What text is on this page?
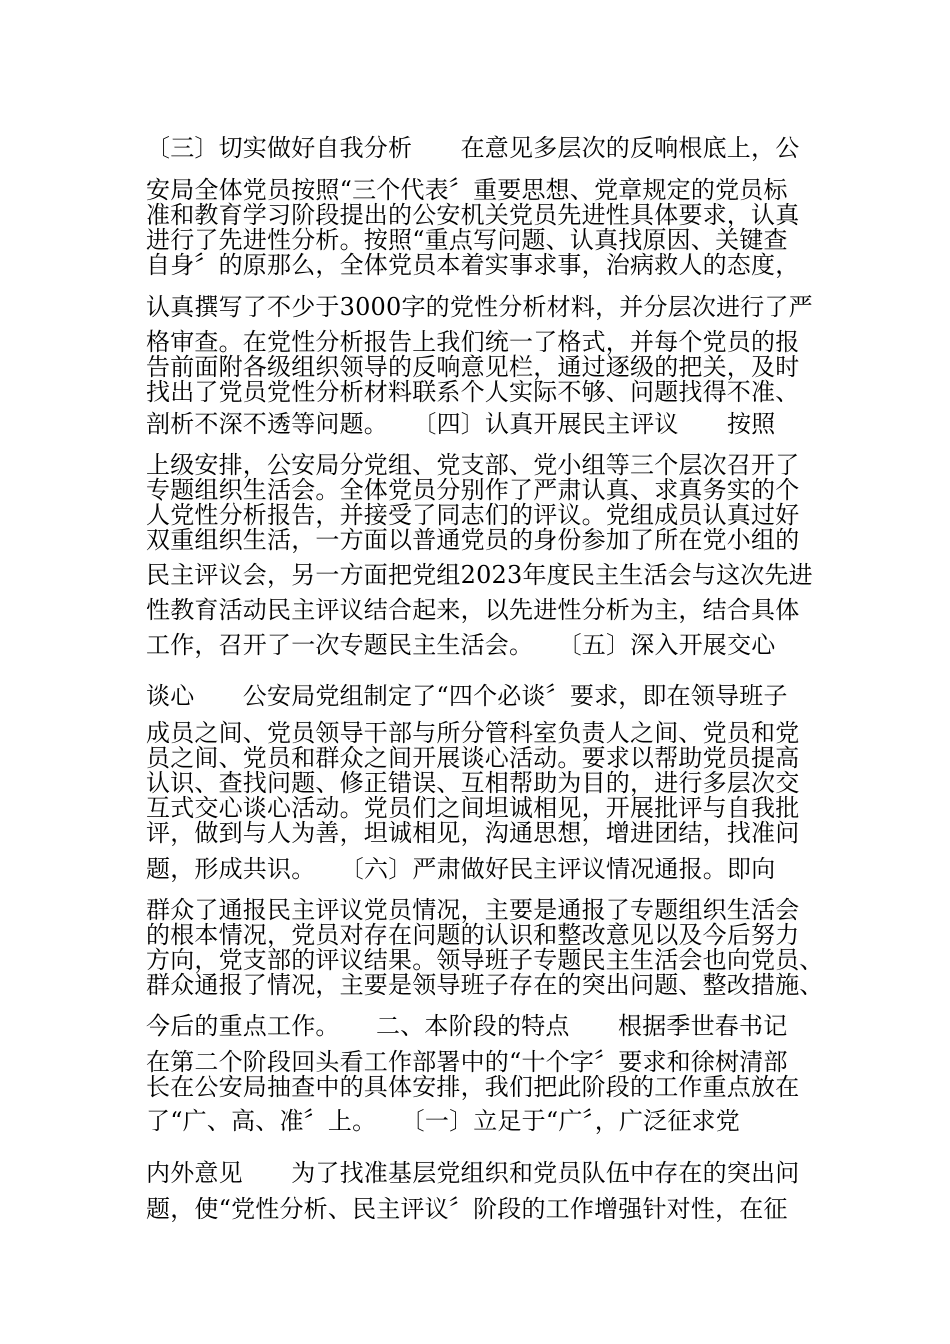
〔三〕切实做好自我分析　　在意见多层次的反响根底上，公
安局全体党员按照“三个代表〞重要思想、党章规定的党员标
准和教育学习阶段提出的公安机关党员先进性具体要求，认真
进行了先进性分析。按照“重点写问题、认真找原因、关键查
自身〞的原那么，全体党员本着实事求事，治病救人的态度，
认真撰写了不少于3000字的党性分析材料，并分层次进行了严
格审查。在党性分析报告上我们统一了格式，并每个党员的报
告前面附各级组织领导的反响意见栏，通过逐级的把关，及时
找出了党员党性分析材料联系个人实际不够、问题找得不准、
剖析不深不透等问题。　　〔四〕认真开展民主评议　　按照
上级安排，公安局分党组、党支部、党小组等三个层次召开了
专题组织生活会。全体党员分别作了严肃认真、求真务实的个
人党性分析报告，并接受了同志们的评议。党组成员认真过好
双重组织生活，一方面以普通党员的身份参加了所在党小组的
民主评议会，另一方面把党组2023年度民主生活会与这次先进
性教育活动民主评议结合起来，以先进性分析为主，结合具体
工作，召开了一次专题民主生活会。　　〔五〕深入开展交心
谈心　　公安局党组制定了“四个必谈〞要求，即在领导班子
成员之间、党员领导干部与所分管科室负责人之间、党员和党
员之间、党员和群众之间开展谈心活动。要求以帮助党员提高
认识、查找问题、修正错误、互相帮助为目的，进行多层次交
互式交心谈心活动。党员们之间坦诚相见，开展批评与自我批
评，做到与人为善，坦诚相见，沟通思想，增进团结，找准问
题，形成共识。　　〔六〕严肃做好民主评议情况通报。即向
群众了通报民主评议党员情况，主要是通报了专题组织生活会
的根本情况，党员对存在问题的认识和整改意见以及今后努力
方向，党支部的评议结果。领导班子专题民主生活会也向党员、
群众通报了情况，主要是领导班子存在的突出问题、整改措施、
今后的重点工作。　　二、本阶段的特点　　根据季世春书记
在第二个阶段回头看工作部署中的“十个字〞要求和徐树清部
长在公安局抽查中的具体安排，我们把此阶段的工作重点放在
了“广、高、准〞上。　　〔一〕立足于“广〞，广泛征求党
内外意见　　为了找准基层党组织和党员队伍中存在的突出问
题，使“党性分析、民主评议〞阶段的工作增强针对性，在征
